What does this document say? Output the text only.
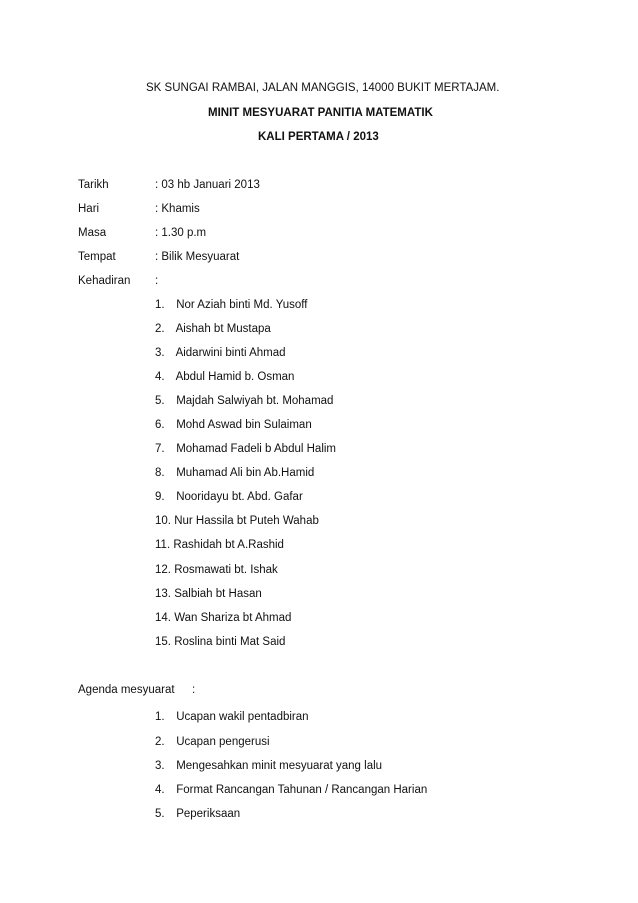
SK SUNGAI RAMBAI, JALAN MANGGIS, 14000 BUKIT MERTAJAM.
MINIT MESYUARAT PANITIA MATEMATIK
KALI PERTAMA / 2013
Tarikh	: 03 hb Januari 2013
Hari	: Khamis
Masa	: 1.30 p.m
Tempat	: Bilik Mesyuarat
Kehadiran :
1. Nor Aziah binti Md. Yusoff
2. Aishah bt Mustapa
3. Aidarwini binti Ahmad
4. Abdul Hamid b. Osman
5. Majdah Salwiyah bt. Mohamad
6. Mohd Aswad bin Sulaiman
7. Mohamad Fadeli b Abdul Halim
8. Muhamad Ali bin Ab.Hamid
9. Nooridayu bt. Abd. Gafar
10. Nur Hassila bt Puteh Wahab
11. Rashidah bt A.Rashid
12. Rosmawati bt. Ishak
13. Salbiah bt Hasan
14. Wan Shariza bt Ahmad
15. Roslina binti Mat Said
Agenda mesyuarat :
1. Ucapan wakil pentadbiran
2. Ucapan pengerusi
3. Mengesahkan minit mesyuarat yang lalu
4. Format Rancangan Tahunan / Rancangan Harian
5. Peperiksaan
